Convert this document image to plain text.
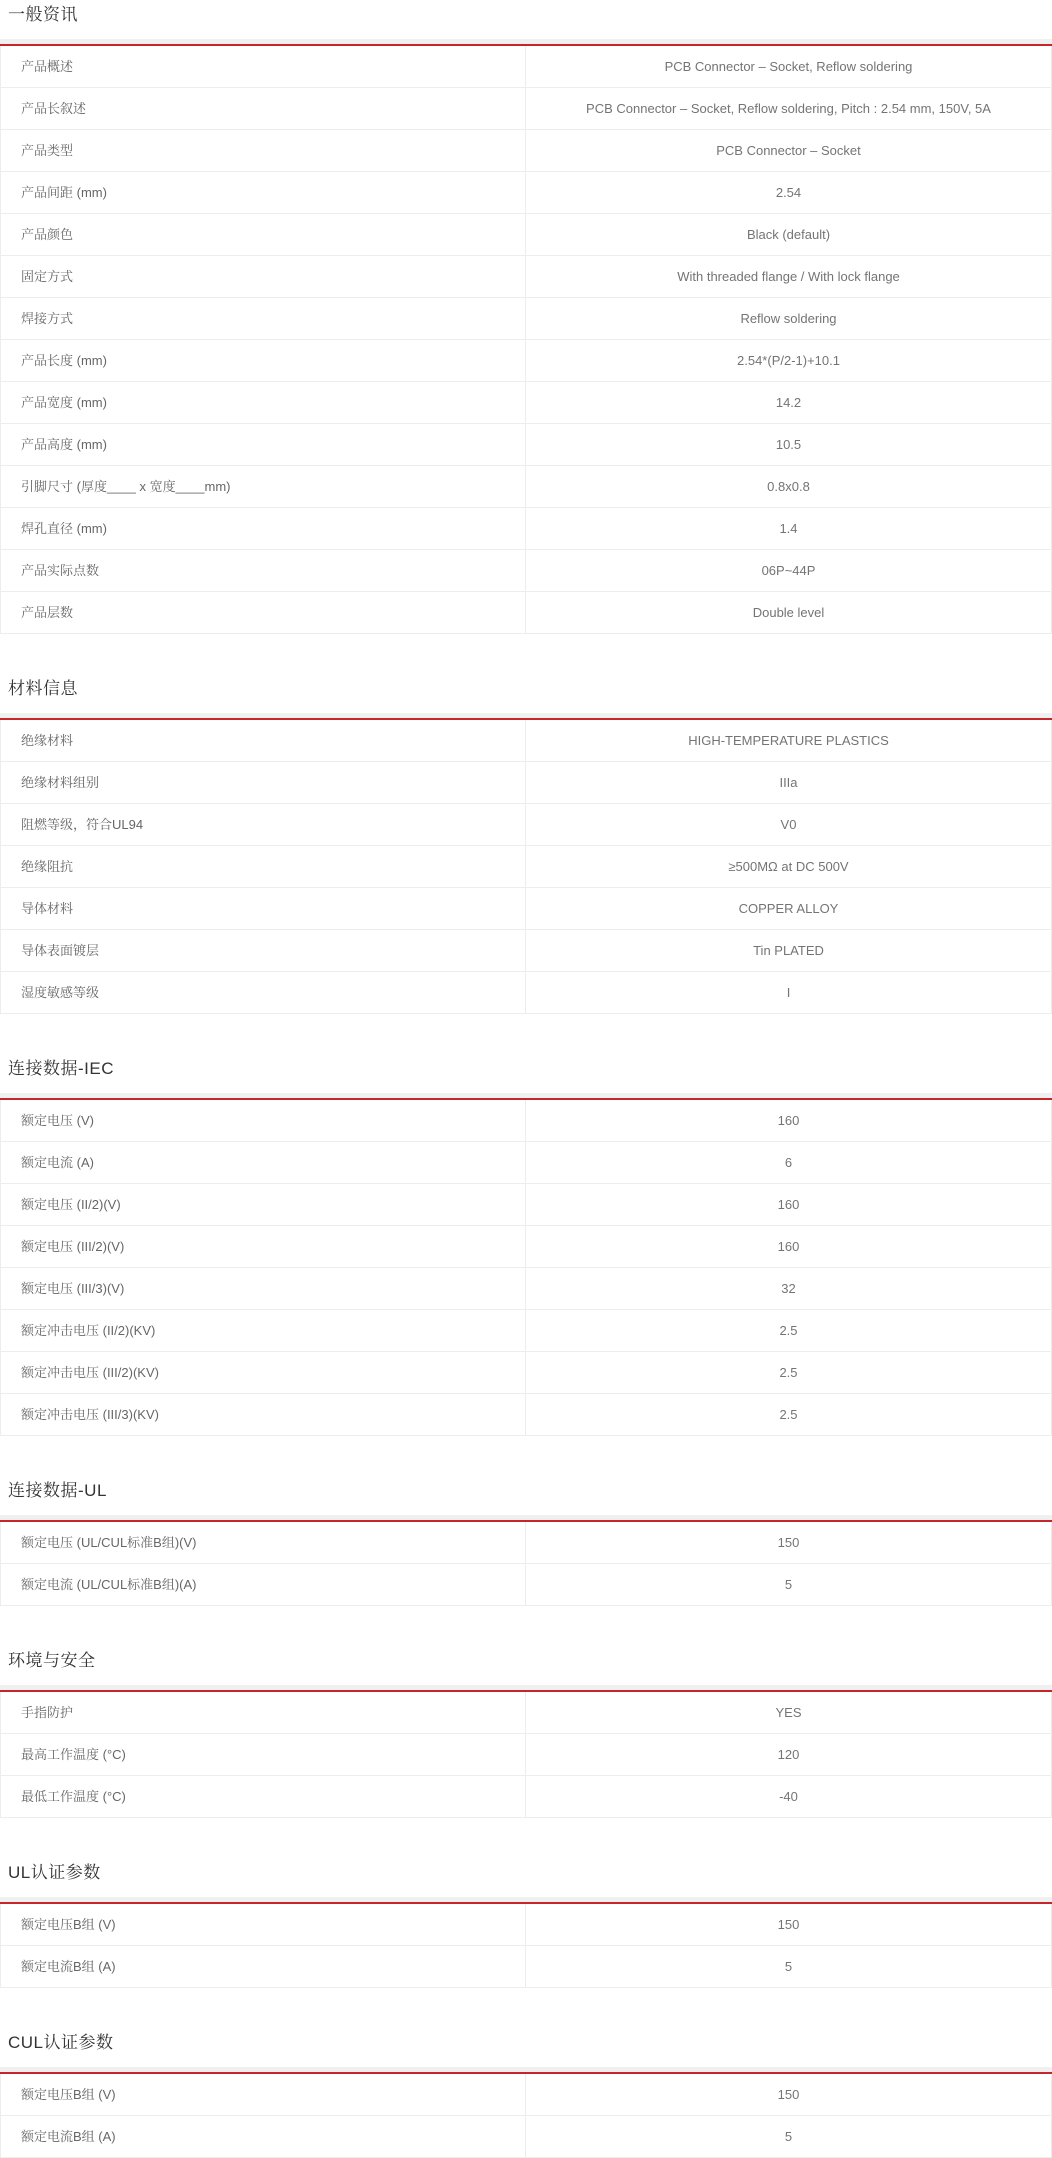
一般资讯
产品概述	PCB Connector – Socket, Reflow soldering
产品长叙述	PCB Connector – Socket, Reflow soldering, Pitch : 2.54 mm, 150V, 5A
产品类型	PCB Connector – Socket
产品间距 (mm)	2.54
产品颜色	Black (default)
固定方式	With threaded flange / With lock flange
焊接方式	Reflow soldering
产品长度 (mm)	2.54*(P/2-1)+10.1
产品宽度 (mm)	14.2
产品高度 (mm)	10.5
引脚尺寸 (厚度____ x 宽度____mm)	0.8x0.8
焊孔直径 (mm)	1.4
产品实际点数	06P~44P
产品层数	Double level
材料信息
绝缘材料	HIGH-TEMPERATURE PLASTICS
绝缘材料组别	IIIa
阻燃等级，符合UL94	V0
绝缘阻抗	≥500MΩ at DC 500V
导体材料	COPPER ALLOY
导体表面镀层	Tin PLATED
湿度敏感等级	I
连接数据-IEC
额定电压 (V)	160
额定电流 (A)	6
额定电压 (II/2)(V)	160
额定电压 (III/2)(V)	160
额定电压 (III/3)(V)	32
额定冲击电压 (II/2)(KV)	2.5
额定冲击电压 (III/2)(KV)	2.5
额定冲击电压 (III/3)(KV)	2.5
连接数据-UL
额定电压 (UL/CUL标准B组)(V)	150
额定电流 (UL/CUL标准B组)(A)	5
环境与安全
手指防护	YES
最高工作温度 (°C)	120
最低工作温度 (°C)	-40
UL认证参数
额定电压B组 (V)	150
额定电流B组 (A)	5
CUL认证参数
额定电压B组 (V)	150
额定电流B组 (A)	5
